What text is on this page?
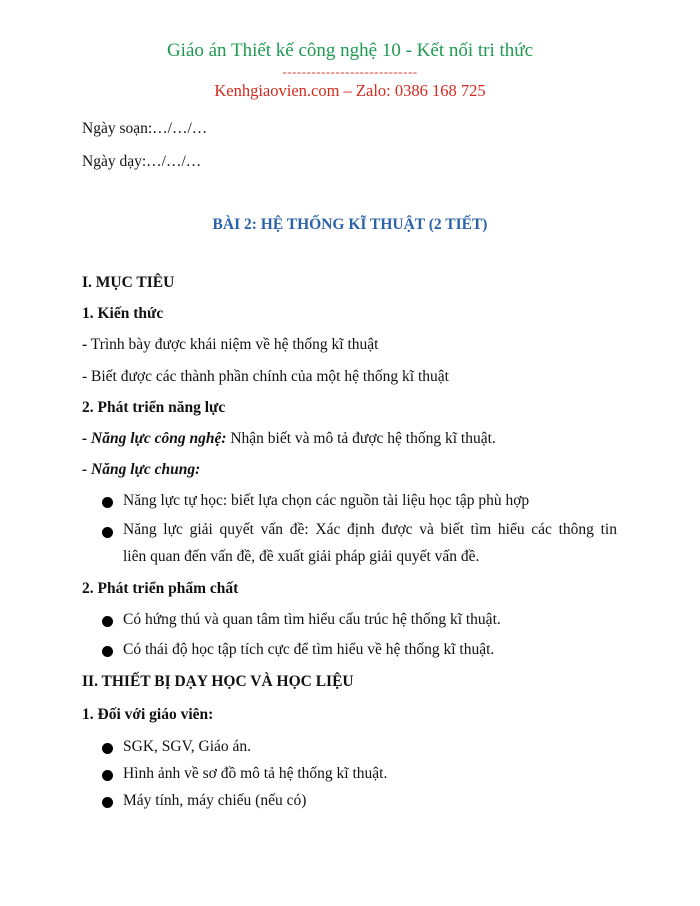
Giáo án Thiết kế công nghệ 10 - Kết nối tri thức
----------------------------
Kenhgiaovien.com – Zalo: 0386 168 725
Ngày soạn:…/…/…
Ngày dạy:…/…/…
BÀI 2: HỆ THỐNG KĨ THUẬT (2 TIẾT)
I. MỤC TIÊU
1. Kiến thức
- Trình bày được khái niệm về hệ thống kĩ thuật
- Biết được các thành phần chính của một hệ thống kĩ thuật
2. Phát triển năng lực
- Năng lực công nghệ: Nhận biết và mô tả được hệ thống kĩ thuật.
- Năng lực chung:
Năng lực tự học: biết lựa chọn các nguồn tài liệu học tập phù hợp
Năng lực giải quyết vấn đề: Xác định được và biết tìm hiểu các thông tin
liên quan đến vấn đề, đề xuất giải pháp giải quyết vấn đề.
2. Phát triển phẩm chất
Có hứng thú và quan tâm tìm hiểu cấu trúc hệ thống kĩ thuật.
Có thái độ học tập tích cực để tìm hiểu về hệ thống kĩ thuật.
II. THIẾT BỊ DẠY HỌC VÀ HỌC LIỆU
1. Đối với giáo viên:
SGK, SGV, Giáo án.
Hình ảnh về sơ đồ mô tả hệ thống kĩ thuật.
Máy tính, máy chiếu (nếu có)
